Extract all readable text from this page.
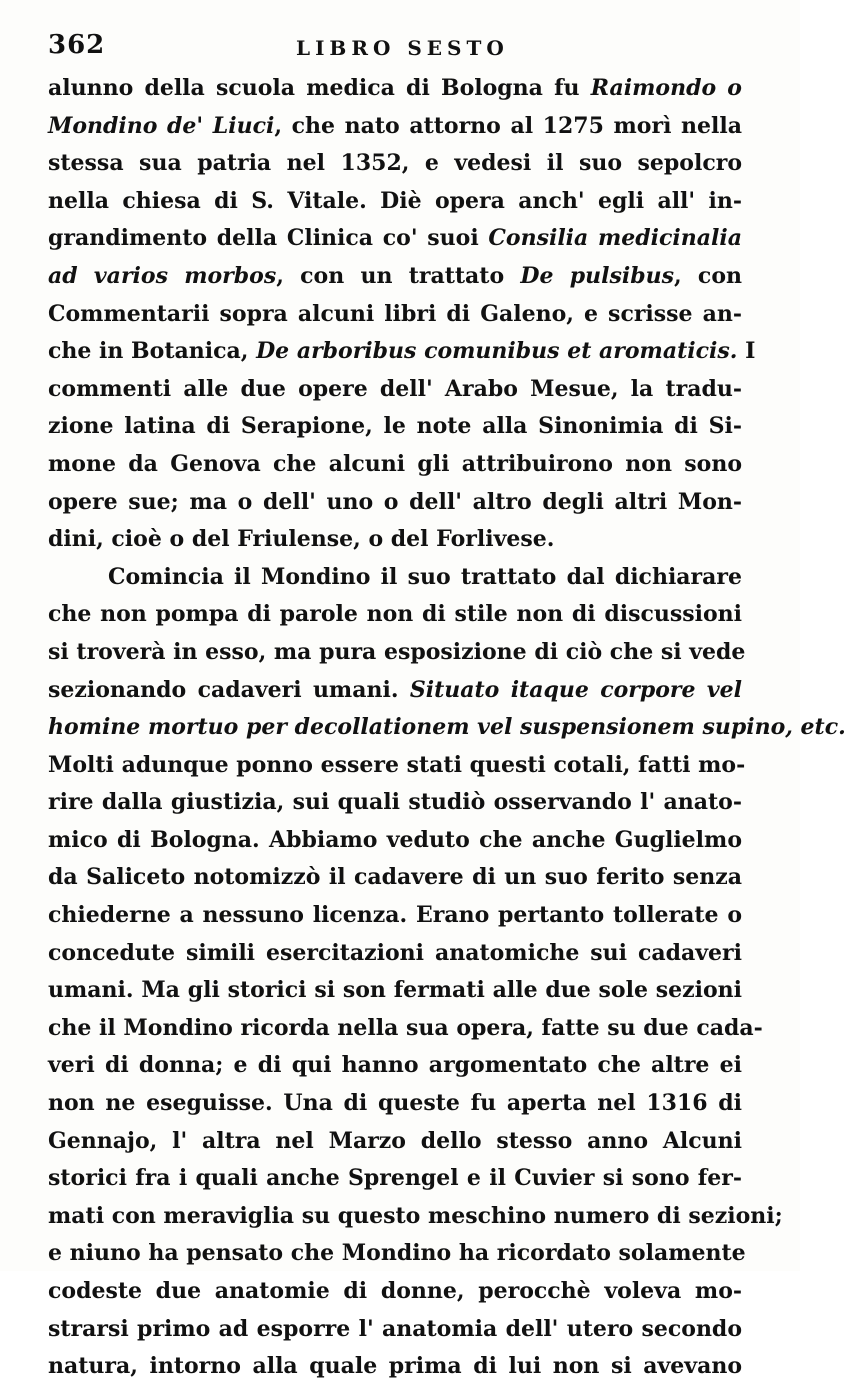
362	LIBRO SESTO
alunno della scuola medica di Bologna fu Raimondo o
Mondino de' Liuci, che nato attorno al 1275 morì nella
stessa sua patria nel 1352, e vedesi il suo sepolcro
nella chiesa di S. Vitale. Diè opera anch' egli all' in-
grandimento della Clinica co' suoi Consilia medicinalia
ad varios morbos, con un trattato De pulsibus, con
Commentarii sopra alcuni libri di Galeno, e scrisse an-
che in Botanica, De arboribus comunibus et aromaticis. I
commenti alle due opere dell' Arabo Mesue, la tradu-
zione latina di Serapione, le note alla Sinonimia di Si-
mone da Genova che alcuni gli attribuirono non sono
opere sue; ma o dell' uno o dell' altro degli altri Mon-
dini, cioè o del Friulense, o del Forlivese.
Comincia il Mondino il suo trattato dal dichiarare
che non pompa di parole non di stile non di discussioni
si troverà in esso, ma pura esposizione di ciò che si vede
sezionando cadaveri umani. Situato itaque corpore vel
homine mortuo per decollationem vel suspensionem supino, etc.
Molti adunque ponno essere stati questi cotali, fatti mo-
rire dalla giustizia, sui quali studiò osservando l' anato-
mico di Bologna. Abbiamo veduto che anche Guglielmo
da Saliceto notomizzò il cadavere di un suo ferito senza
chiederne a nessuno licenza. Erano pertanto tollerate o
concedute simili esercitazioni anatomiche sui cadaveri
umani. Ma gli storici si son fermati alle due sole sezioni
che il Mondino ricorda nella sua opera, fatte su due cada-
veri di donna; e di qui hanno argomentato che altre ei
non ne eseguisse. Una di queste fu aperta nel 1316 di
Gennajo, l' altra nel Marzo dello stesso anno Alcuni
storici fra i quali anche Sprengel e il Cuvier si sono fer-
mati con meraviglia su questo meschino numero di sezioni;
e niuno ha pensato che Mondino ha ricordato solamente
codeste due anatomie di donne, perocchè voleva mo-
strarsi primo ad esporre l' anatomia dell' utero secondo
natura, intorno alla quale prima di lui non si avevano
